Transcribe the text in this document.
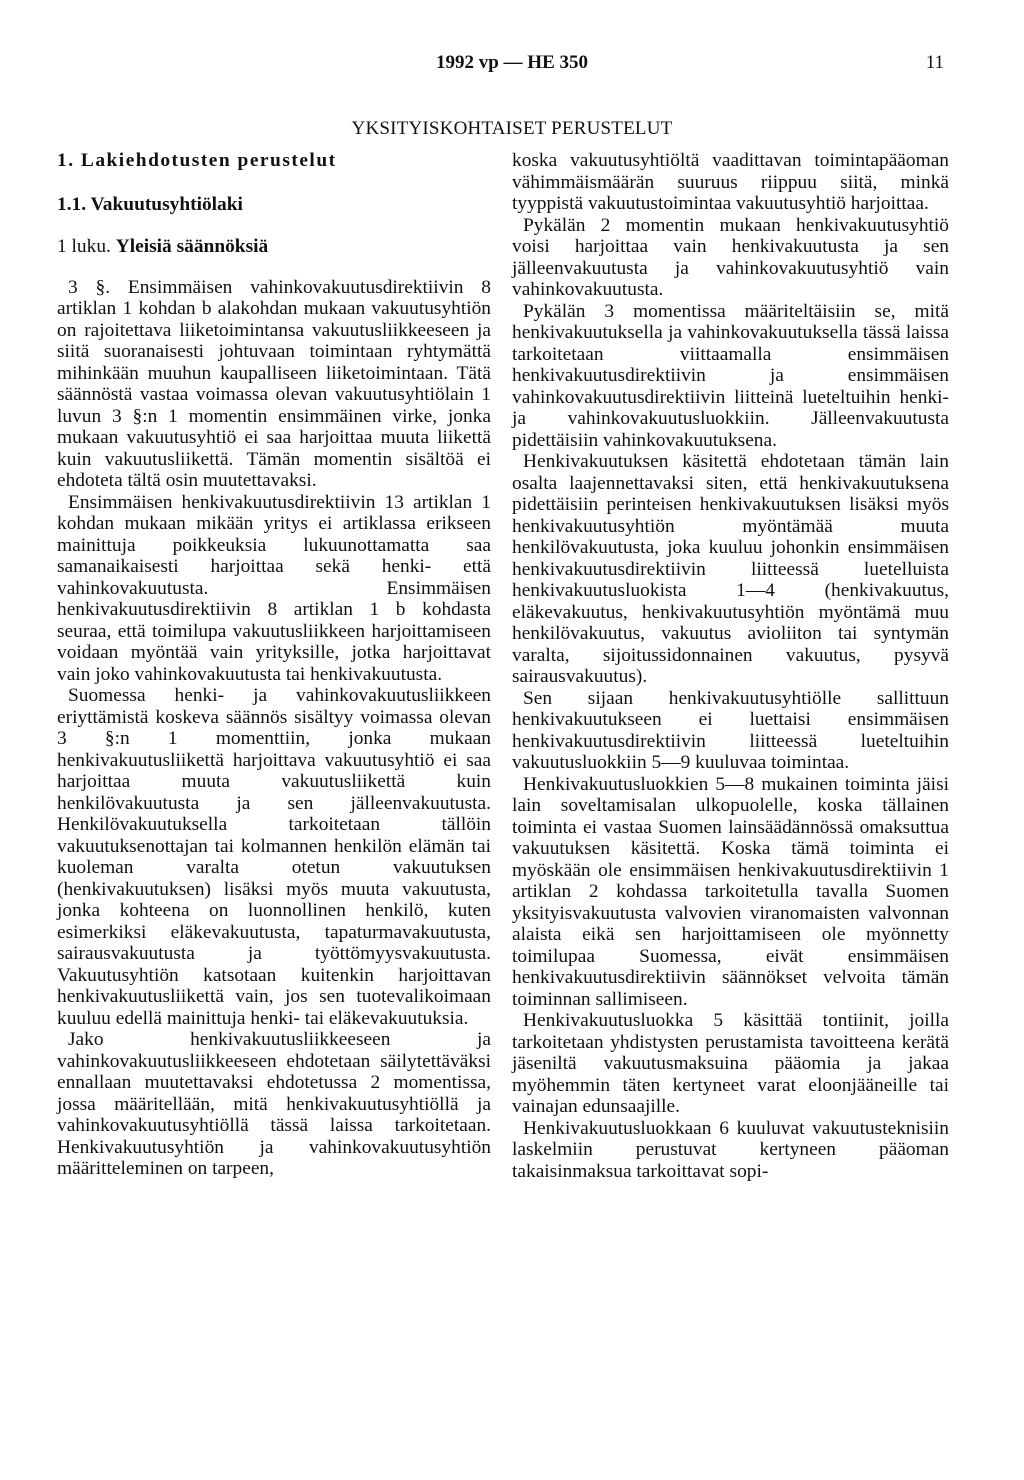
1992 vp — HE 350	11
YKSITYISKOHTAISET PERUSTELUT
1. Lakiehdotusten perustelut
1.1. Vakuutusyhtiölaki
1 luku. Yleisiä säännöksiä

3 §. Ensimmäisen vahinkovakuutusdirektiivin 8 artiklan 1 kohdan b alakohdan mukaan vakuutusyhtiön on rajoitettava liiketoimintansa vakuutusliikkeeseen ja siitä suoranaisesti johtuvaan toimintaan ryhtymättä mihinkään muuhun kaupalliseen liiketoimintaan. Tätä säännöstä vastaa voimassa olevan vakuutusyhtiölain 1 luvun 3 §:n 1 momentin ensimmäinen virke, jonka mukaan vakuutusyhtiö ei saa harjoittaa muuta liikettä kuin vakuutusliikettä. Tämän momentin sisältöä ei ehdoteta tältä osin muutettavaksi.

Ensimmäisen henkivakuutusdirektiivin 13 artiklan 1 kohdan mukaan mikään yritys ei artiklassa erikseen mainittuja poikkeuksia lukuunottamatta saa samanaikaisesti harjoittaa sekä henki- että vahinkovakuutusta. Ensimmäisen henkivakuutusdirektiivin 8 artiklan 1 b kohdasta seuraa, että toimilupa vakuutusliikkeen harjoittamiseen voidaan myöntää vain yrityksille, jotka harjoittavat vain joko vahinkovakuutusta tai henkivakuutusta.

Suomessa henki- ja vahinkovakuutusliikkeen eriyttämistä koskeva säännös sisältyy voimassa olevan 3 §:n 1 momenttiin, jonka mukaan henkivakuutusliikettä harjoittava vakuutusyhtiö ei saa harjoittaa muuta vakuutusliikettä kuin henkilövakuutusta ja sen jälleenvakuutusta. Henkilövakuutuksella tarkoitetaan tällöin vakuutuksenottajan tai kolmannen henkilön elämän tai kuoleman varalta otetun vakuutuksen (henkivakuutuksen) lisäksi myös muuta vakuutusta, jonka kohteena on luonnollinen henkilö, kuten esimerkiksi eläkevakuutusta, tapaturmavakuutusta, sairausvakuutusta ja työttömyysvakuutusta. Vakuutusyhtiön katsotaan kuitenkin harjoittavan henkivakuutusliikettä vain, jos sen tuotevalikoimaan kuuluu edellä mainittuja henki- tai eläkevakuutuksia.

Jako henkivakuutusliikkeeseen ja vahinkovakuutusliikkeeseen ehdotetaan säilytettäväksi ennallaan muutettavaksi ehdotetussa 2 momentissa, jossa määritellään, mitä henkivakuutusyhtiöllä ja vahinkovakuutusyhtiöllä tässä laissa tarkoitetaan. Henkivakuutusyhtiön ja vahinkovakuutusyhtiön määritteleminen on tarpeen,

koska vakuutusyhtiöltä vaadittavan toimintapääoman vähimmäismäärän suuruus riippuu siitä, minkä tyyppistä vakuutustoimintaa vakuutusyhtiö harjoittaa.

Pykälän 2 momentin mukaan henkivakuutusyhtiö voisi harjoittaa vain henkivakuutusta ja sen jälleenvakuutusta ja vahinkovakuutusyhtiö vain vahinkovakuutusta.

Pykälän 3 momentissa määriteltäisiin se, mitä henkivakuutuksella ja vahinkovakuutuksella tässä laissa tarkoitetaan viittaamalla ensimmäisen henkivakuutusdirektiivin ja ensimmäisen vahinkovakuutusdirektiivin liitteinä lueteltuihin henki- ja vahinkovakuutusluokkiin. Jälleenvakuutusta pidettäisiin vahinkovakuutuksena.

Henkivakuutuksen käsitettä ehdotetaan tämän lain osalta laajennettavaksi siten, että henkivakuutuksena pidettäisiin perinteisen henkivakuutuksen lisäksi myös henkivakuutusyhtiön myöntämää muuta henkilövakuutusta, joka kuuluu johonkin ensimmäisen henkivakuutusdirektiivin liitteessä luetelluista henkivakuutusluokista 1—4 (henkivakuutus, eläkevakuutus, henkivakuutusyhtiön myöntämä muu henkilövakuutus, vakuutus avioliiton tai syntymän varalta, sijoitussidonnainen vakuutus, pysyvä sairausvakuutus).

Sen sijaan henkivakuutusyhtiölle sallittuun henkivakuutukseen ei luettaisi ensimmäisen henkivakuutusdirektiivin liitteessä lueteltuihin vakuutusluokkiin 5—9 kuuluvaa toimintaa.

Henkivakuutusluokkien 5—8 mukainen toiminta jäisi lain soveltamisalan ulkopuolelle, koska tällainen toiminta ei vastaa Suomen lainsäädännössä omaksuttua vakuutuksen käsitettä. Koska tämä toiminta ei myöskään ole ensimmäisen henkivakuutusdirektiivin 1 artiklan 2 kohdassa tarkoitetulla tavalla Suomen yksityisvakuutusta valvovien viranomaisten valvonnan alaista eikä sen harjoittamiseen ole myönnetty toimilupaa Suomessa, eivät ensimmäisen henkivakuutusdirektiivin säännökset velvoita tämän toiminnan sallimiseen.

Henkivakuutusluokka 5 käsittää tontiinit, joilla tarkoitetaan yhdistysten perustamista tavoitteena kerätä jäseniltä vakuutusmaksuina pääomia ja jakaa myöhemmin täten kertyneet varat eloonjääneille tai vainajan edunsaajille.

Henkivakuutusluokkaan 6 kuuluvat vakuutusteknisiin laskelmiin perustuvat kertyneen pääoman takaisinmaksua tarkoittavat sopi-
